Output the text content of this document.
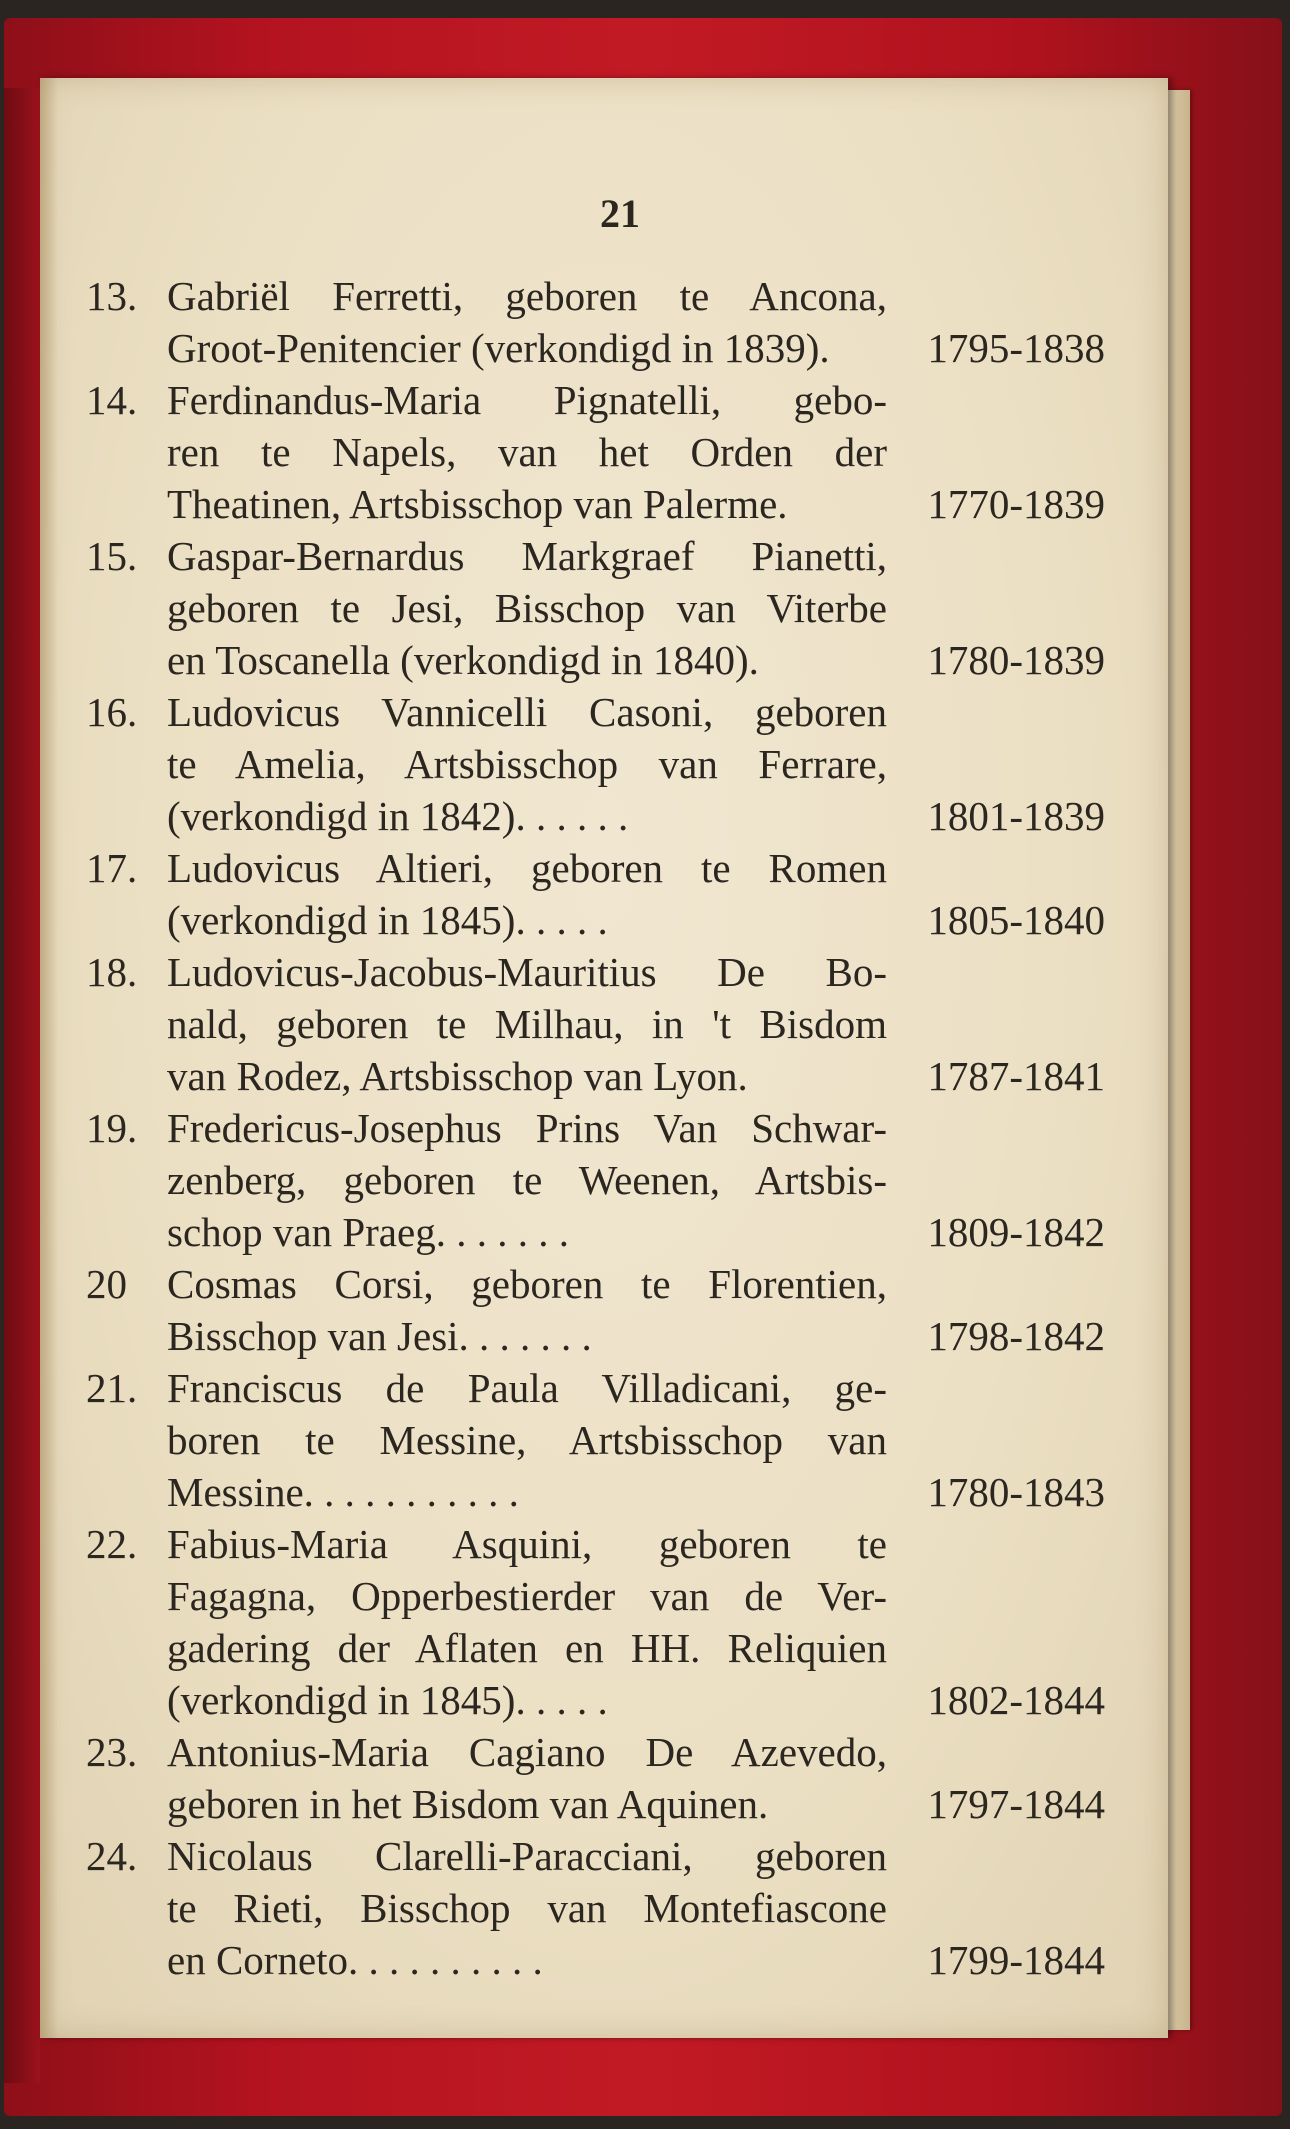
21
13. Gabriël Ferretti, geboren te Ancona,
Groot-Penitencier (verkondigd in 1839).	1795-1838
14. Ferdinandus-Maria Pignatelli, gebo-
ren te Napels, van het Orden der
Theatinen, Artsbisschop van Palerme.	1770-1839
15. Gaspar-Bernardus Markgraef Pianetti,
geboren te Jesi, Bisschop van Viterbe
en Toscanella (verkondigd in 1840).	1780-1839
16. Ludovicus Vannicelli Casoni, geboren
te Amelia, Artsbisschop van Ferrare,
(verkondigd in 1842). . . . . .	1801-1839
17. Ludovicus Altieri, geboren te Romen
(verkondigd in 1845). . . . .	1805-1840
18. Ludovicus-Jacobus-Mauritius De Bo-
nald, geboren te Milhau, in 't Bisdom
van Rodez, Artsbisschop van Lyon.	1787-1841
19. Fredericus-Josephus Prins Van Schwar-
zenberg, geboren te Weenen, Artsbis-
schop van Praeg. . . . . . .	1809-1842
20 Cosmas Corsi, geboren te Florentien,
Bisschop van Jesi. . . . . . .	1798-1842
21. Franciscus de Paula Villadicani, ge-
boren te Messine, Artsbisschop van
Messine. . . . . . . . . . .	1780-1843
22. Fabius-Maria Asquini, geboren te
Fagagna, Opperbestierder van de Ver-
gadering der Aflaten en HH. Reliquien
(verkondigd in 1845). . . . .	1802-1844
23. Antonius-Maria Cagiano De Azevedo,
geboren in het Bisdom van Aquinen.	1797-1844
24. Nicolaus Clarelli-Paracciani, geboren
te Rieti, Bisschop van Montefiascone
en Corneto. . . . . . . . . .	1799-1844
